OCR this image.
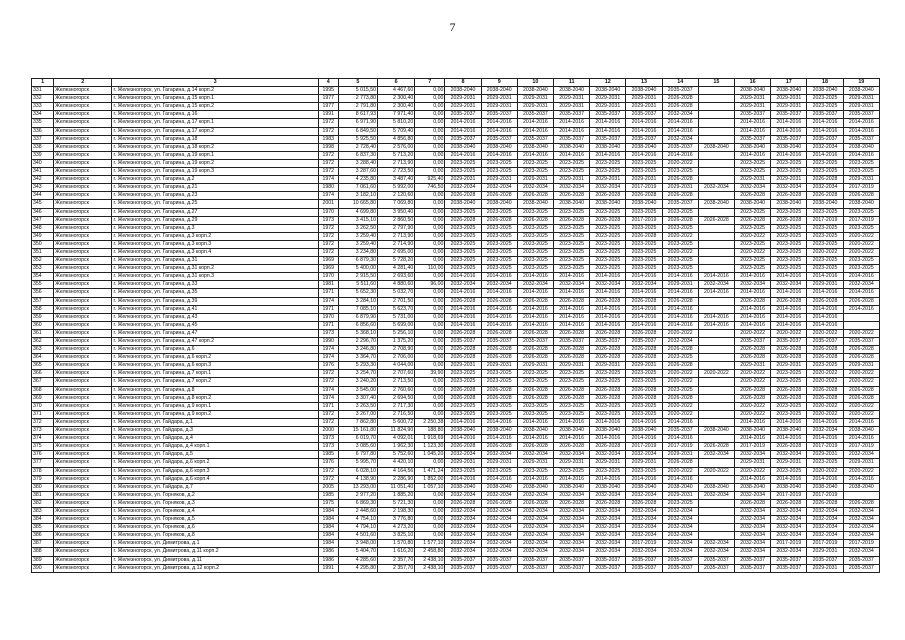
7
1	2	3	4	5	6	7	8	9	10	11	12	13	14	15	16	17	18	19
331	Железногорск	г. Железногорск, ул. Гагарина, д.14 корп.2	1995	5 015,50	4 467,60	0,00	2038-2040	2038-2040	2038-2040	2038-2040	2038-2040	2038-2040	2035-2037		2038-2040	2038-2040	2038-2040	2038-2040
332	Железногорск	г. Железногорск, ул. Гагарина, д.15 корп.1	1977	2 773,80	2 300,40	0,00	2029-2031	2029-2031	2029-2031	2029-2031	2029-2031	2029-2031	2026-2028		2029-2031	2029-2031	2023-2025	2029-2031
333	Железногорск	г. Железногорск, ул. Гагарина, д.15 корп.2	1977	2 791,80	2 300,40	0,00	2029-2031	2029-2031	2029-2031	2029-2031	2029-2031	2029-2031	2026-2028		2029-2031	2029-2031	2023-2025	2029-2031
334	Железногорск	г. Железногорск, ул. Гагарина, д.16	1991	8 617,93	7 971,40	0,00	2035-2037	2035-2037	2035-2037	2035-2037	2035-2037	2035-2037	2032-2034		2035-2037	2035-2037	2035-2037	2035-2037
335	Железногорск	г. Железногорск, ул. Гагарина, д.17 корп.1	1972	6 971,90	5 810,20	0,00	2014-2016	2014-2016	2014-2016	2014-2016	2014-2016	2014-2016	2014-2016		2014-2016	2014-2016	2014-2016	2014-2016
336	Железногорск	г. Железногорск, ул. Гагарина, д.17 корп.2	1972	6 849,50	5 709,40	0,00	2014-2016	2014-2016	2014-2016	2014-2016	2014-2016	2014-2016	2014-2016		2014-2016	2014-2016	2014-2016	2014-2016
337	Железногорск	г. Железногорск, ул. Гагарина, д.18	1983	5 925,50	4 856,80	0,00	2035-2037	2035-2037	2035-2037	2035-2037	2035-2037	2035-2037	2032-2034		2035-2037	2035-2037	2035-2037	2035-2037
338	Железногорск	г. Железногорск, ул. Гагарина, д.18 корп.2	1998	2 728,40	2 576,00	0,00	2038-2040	2038-2040	2038-2040	2038-2040	2038-2040	2038-2040	2035-2037	2038-2040	2038-2040	2038-2040	2032-2034	2038-2040
339	Железногорск	г. Железногорск, ул. Гагарина, д.19 корп.1	1972	6 837,30	5 713,20	0,00	2014-2016	2014-2016	2014-2016	2014-2016	2014-2016	2014-2016	2014-2016		2014-2016	2014-2016	2014-2016	2014-2016
340	Железногорск	г. Железногорск, ул. Гагарина, д.19 корп.2	1972	3 288,40	2 713,90	0,00	2023-2025	2023-2025	2023-2025	2023-2025	2023-2025	2023-2025	2020-2022		2023-2025	2023-2025	2023-2025	2023-2025
341	Железногорск	г. Железногорск, ул. Гагарина, д.19 корп.3	1972	3 287,60	2 723,50	0,00	2023-2025	2023-2025	2023-2025	2023-2025	2023-2025	2023-2025	2023-2025		2023-2025	2023-2025	2023-2025	2023-2025
342	Железногорск	г. Железногорск, ул. Гагарина, д.2	1974	4 235,80	3 487,40	925,40	2029-2031	2029-2031	2029-2031	2029-2031	2029-2031	2029-2031	2026-2028		2029-2031	2029-2031	2026-2028	2029-2031
343	Железногорск	г. Железногорск, ул. Гагарина, д.21	1980	7 061,60	5 992,00	746,50	2032-2034	2032-2034	2032-2034	2032-2034	2032-2034	2017-2019	2029-2031	2032-2034	2032-2034	2032-2034	2032-2034	2017-2019
344	Железногорск	г. Железногорск, ул. Гагарина, д.23	1974	3 182,10	2 120,60	0,00	2026-2028	2026-2028	2026-2028	2026-2028	2026-2028	2026-2028	2026-2028		2026-2028	2026-2028	2026-2028	2026-2028
345	Железногорск	г. Железногорск, ул. Гагарина, д.25	2001	10 665,80	7 069,80	0,00	2038-2040	2038-2040	2038-2040	2038-2040	2038-2040	2038-2040	2035-2037	2038-2040	2038-2040	2038-2040	2038-2040	2038-2040
346	Железногорск	г. Железногорск, ул. Гагарина, д.27	1970	4 699,80	3 950,40	0,00	2023-2025	2023-2025	2023-2025	2023-2025	2023-2025	2023-2025	2023-2025		2023-2025	2023-2025	2023-2025	2023-2025
347	Железногорск	г. Железногорск, ул. Гагарина, д.29	1973	3 415,10	2 860,50	0,00	2026-2028	2026-2028	2026-2028	2026-2028	2026-2028	2017-2019	2026-2028	2026-2028	2026-2028	2026-2028	2017-2019	2017-2019
348	Железногорск	г. Железногорск, ул. Гагарина, д.3	1972	3 262,50	2 797,90	0,00	2023-2025	2023-2025	2023-2025	2023-2025	2023-2025	2023-2025	2023-2025		2023-2025	2023-2025	2023-2025	2023-2025
349	Железногорск	г. Железногорск, ул. Гагарина, д.3 корп.2	1972	3 259,40	2 713,90	0,00	2023-2025	2023-2025	2023-2025	2023-2025	2023-2025	2026-2028	2020-2022		2020-2022	2023-2025	2023-2025	2020-2022
350	Железногорск	г. Железногорск, ул. Гагарина, д.3 корп.3	1972	3 259,40	2 714,90	0,00	2023-2025	2023-2025	2023-2025	2023-2025	2023-2025	2023-2025	2023-2025		2023-2025	2023-2025	2023-2025	2020-2022
351	Железногорск	г. Железногорск, ул. Гагарина, д.3 корп.4	1972	3 234,80	2 695,00	0,00	2023-2025	2023-2025	2023-2025	2023-2025	2023-2025	2023-2025	2020-2022		2020-2022	2023-2025	2020-2022	2020-2022
352	Железногорск	г. Железногорск, ул. Гагарина, д.31	1969	6 879,30	5 728,20	0,00	2023-2025	2023-2025	2023-2025	2023-2025	2023-2025	2023-2025	2023-2025		2023-2025	2023-2025	2023-2025	2023-2025
353	Железногорск	г. Железногорск, ул. Гагарина, д.31 корп.2	1969	5 400,00	4 281,40	110,00	2023-2025	2023-2025	2023-2025	2023-2025	2023-2025	2023-2025	2023-2025		2023-2025	2023-2025	2023-2025	2023-2025
354	Железногорск	г. Железногорск, ул. Гагарина, д.31 корп.3	1970	2 915,50	2 693,60	0,00	2014-2016	2014-2016	2014-2016	2014-2016	2014-2016	2014-2016	2014-2016	2014-2016	2014-2016	2014-2016	2014-2016	2014-2016
355	Железногорск	г. Железногорск, ул. Гагарина, д.33	1981	5 511,60	4 880,60	96,00	2032-2034	2032-2034	2032-2034	2032-2034	2032-2034	2032-2034	2029-2031	2032-2034	2032-2034	2032-2034	2029-2031	2032-2034
356	Железногорск	г. Железногорск, ул. Гагарина, д.35	1971	5 652,30	5 032,70	0,00	2014-2016	2014-2016	2014-2016	2014-2016	2014-2016	2014-2016	2014-2016	2014-2016	2014-2016	2014-2016	2014-2016	2014-2016
357	Железногорск	г. Железногорск, ул. Гагарина, д.39	1974	3 284,10	2 701,50	0,00	2026-2028	2026-2028	2026-2028	2026-2028	2026-2028	2026-2028	2026-2028		2026-2028	2026-2028	2026-2028	2026-2028
358	Железногорск	г. Железногорск, ул. Гагарина, д.41	1971	7 085,10	5 623,70	0,00	2014-2016	2014-2016	2014-2016	2014-2016	2014-2016	2014-2016	2014-2016		2014-2016	2014-2016	2014-2016	2014-2016
359	Железногорск	г. Железногорск, ул. Гагарина, д.43	1970	6 879,90	5 731,00	0,00	2014-2016	2014-2016	2014-2016	2014-2016	2014-2016	2014-2016	2014-2016	2014-2016	2014-2016	2014-2016	2014-2016	
360	Железногорск	г. Железногорск, ул. Гагарина, д.45	1971	6 856,60	5 699,00	0,00	2014-2016	2014-2016	2014-2016	2014-2016	2014-2016	2014-2016	2014-2016	2014-2016	2014-2016	2014-2016	2014-2016	
361	Железногорск	г. Железногорск, ул. Гагарина, д.47	1973	5 368,10	5 256,10	0,00	2026-2028	2026-2028	2026-2028	2026-2028	2026-2028	2026-2028	2020-2022		2020-2022	2020-2022	2020-2022	2020-2022
362	Железногорск	г. Железногорск, ул. Гагарина, д.47 корп.2	1990	2 296,70	1 375,20	0,00	2035-2037	2035-2037	2035-2037	2035-2037	2035-2037	2035-2037	2032-2034		2035-2037	2035-2037	2035-2037	2035-2037
363	Железногорск	г. Железногорск, ул. Гагарина, д.6	1974	3 246,80	2 708,90	0,00	2026-2028	2026-2028	2026-2028	2026-2028	2026-2028	2026-2028	2026-2028		2026-2028	2026-2028	2026-2028	2026-2028
364	Железногорск	г. Железногорск, ул. Гагарина, д.6 корп.2	1974	3 364,70	2 706,00	0,00	2026-2028	2026-2028	2026-2028	2026-2028	2026-2028	2026-2028	2023-2025		2026-2028	2026-2028	2026-2028	2026-2028
365	Железногорск	г. Железногорск, ул. Гагарина, д.6 корп.3	1976	5 293,30	4 044,00	0,00	2029-2031	2029-2031	2029-2031	2029-2031	2029-2031	2029-2031	2026-2028		2029-2031	2029-2031	2023-2025	2029-2031
366	Железногорск	г. Железногорск, ул. Гагарина, д.7 корп.1	1972	3 254,70	2 707,60	39,90	2023-2025	2023-2025	2023-2025	2023-2025	2023-2025	2023-2025	2020-2022	2020-2022	2020-2022	2023-2025	2020-2022	2020-2022
367	Железногорск	г. Железногорск, ул. Гагарина, д.7 корп.2	1972	3 240,20	2 713,50	0,00	2023-2025	2023-2025	2023-2025	2023-2025	2023-2025	2023-2025	2020-2022		2020-2022	2023-2025	2020-2022	2020-2022
368	Железногорск	г. Железногорск, ул. Гагарина, д.8	1974	3 545,00	2 760,60	0,00	2026-2028	2026-2028	2026-2028	2026-2028	2026-2028	2026-2028	2023-2025		2026-2028	2026-2028	2026-2028	2026-2028
369	Железногорск	г. Железногорск, ул. Гагарина, д.8 корп.2	1974	3 307,40	2 694,50	0,00	2026-2028	2026-2028	2026-2028	2026-2028	2026-2028	2026-2028	2026-2028		2026-2028	2026-2028	2026-2028	2026-2028
370	Железногорск	г. Железногорск, ул. Гагарина, д.9 корп.1	1971	3 263,50	2 717,30	0,00	2023-2025	2023-2025	2023-2025	2023-2025	2023-2025	2023-2025	2020-2022		2020-2022	2023-2025	2020-2022	2020-2022
371	Железногорск	г. Железногорск, ул. Гагарина, д.9 корп.2	1972	3 267,00	2 716,50	0,00	2023-2025	2023-2025	2023-2025	2023-2025	2023-2025	2023-2025	2020-2022		2020-2022	2023-2025	2020-2022	2020-2022
372	Железногорск	г. Железногорск, ул. Гайдара, д.1	1972	7 862,80	5 600,72	2 250,38	2014-2016	2014-2016	2014-2016	2014-2016	2014-2016	2014-2016	2014-2016		2014-2016	2014-2016	2014-2016	2014-2016
373	Железногорск	г. Железногорск, ул. Гайдара, д.3	2000	15 161,80	11 824,90	188,80	2038-2040	2038-2040	2038-2040	2038-2040	2038-2040	2038-2040	2035-2037	2038-2040	2038-2040	2038-2040	2032-2034	2038-2040
374	Железногорск	г. Железногорск, ул. Гайдара, д.4	1973	6 019,70	4 092,01	1 918,69	2014-2016	2014-2016	2014-2016	2014-2016	2014-2016	2014-2016	2014-2016		2014-2016	2014-2016	2014-2016	2014-2016
375	Железногорск	г. Железногорск, ул. Гайдара, д.4 корп.1	1973	3 085,60	1 962,30	1 123,30	2026-2028	2026-2028	2026-2028	2026-2028	2026-2028	2017-2019	2017-2019	2026-2028	2017-2019	2026-2028	2017-2019	2017-2019
376	Железногорск	г. Железногорск, ул. Гайдара, д.5	1985	6 797,80	5 752,60	1 045,20	2032-2034	2032-2034	2032-2034	2032-2034	2032-2034	2032-2034	2029-2031	2032-2034	2032-2034	2032-2034	2029-2031	2032-2034
377	Железногорск	г. Железногорск, ул. Гайдара, д.6 корп.2	1976	5 995,70	4 420,10	0,00	2029-2031	2029-2031	2029-2031	2029-2031	2029-2031	2029-2031	2026-2028		2029-2031	2029-2031	2023-2025	2029-2031
378	Железногорск	г. Железногорск, ул. Гайдара, д.6 корп.3	1972	6 028,10	4 164,56	1 471,24	2023-2025	2023-2025	2023-2025	2023-2025	2023-2025	2023-2025	2020-2022	2020-2022	2020-2022	2023-2025	2020-2022	2020-2022
379	Железногорск	г. Железногорск, ул. Гайдара, д.6 корп.4	1972	4 138,90	2 286,90	1 852,00	2014-2016	2014-2016	2014-2016	2014-2016	2014-2016	2014-2016	2014-2016		2014-2016	2014-2016	2014-2016	2014-2016
380	Железногорск	г. Железногорск, ул. Гайдара, д.7	2005	13 293,00	11 051,40	1 057,10	2038-2040	2038-2040	2038-2040	2038-2040	2038-2040	2038-2040	2038-2040	2038-2040	2038-2040	2038-2040	2038-2040	2038-2040
381	Железногорск	г. Железногорск, ул. Горняков, д.2	1985	2 977,20	1 885,20	0,00	2032-2034	2032-2034	2032-2034	2032-2034	2032-2034	2032-2034	2029-2031	2032-2034	2032-2034	2017-2019	2017-2019	
382	Железногорск	г. Железногорск, ул. Горняков, д.3	1975	6 869,30	5 721,30	0,00	2026-2028	2026-2028	2026-2028	2026-2028	2026-2028	2026-2028	2023-2025		2026-2028	2026-2028	2026-2028	2026-2028
383	Железногорск	г. Железногорск, ул. Горняков, д.4	1984	2 448,60	2 198,30	0,00	2032-2034	2032-2034	2032-2034	2032-2034	2032-2034	2032-2034	2032-2034		2032-2034	2032-2034	2032-2034	2032-2034
384	Железногорск	г. Железногорск, ул. Горняков, д.5	1984	4 754,10	3 776,80	0,00	2032-2034	2032-2034	2032-2034	2032-2034	2032-2034	2032-2034	2032-2034		2032-2034	2032-2034	2032-2034	2032-2034
385	Железногорск	г. Железногорск, ул. Горняков, д.6	1984	4 794,10	4 273,20	0,00	2032-2034	2032-2034	2032-2034	2032-2034	2032-2034	2032-2034	2032-2034		2032-2034	2032-2034	2032-2034	2032-2034
386	Железногорск	г. Железногорск, ул. Горняков, д.8	1984	4 501,60	3 825,10	0,00	2032-2034	2032-2034	2032-2034	2032-2034	2032-2034	2032-2034	2032-2034		2032-2034	2032-2034	2032-2034	2032-2034
387	Железногорск	г. Железногорск, ул. Димитрова, д.1	1984	3 948,00	1 570,80	1 577,10	2032-2034	2032-2034	2032-2034	2032-2034	2032-2034	2017-2019	2032-2034	2032-2034	2032-2034	2017-2019	2017-2019	2017-2019
388	Железногорск	г. Железногорск, ул. Димитрова, д.11 корп.2	1986	5 404,70	1 616,20	2 458,80	2032-2034	2032-2034	2032-2034	2032-2034	2032-2034	2032-2034	2032-2034	2032-2034	2032-2034	2032-2034	2029-2031	2032-2034
389	Железногорск	г. Железногорск, ул. Димитрова, д.11	1986	4 285,60	2 357,70	2 438,10	2035-2037	2035-2037	2035-2037	2035-2037	2035-2037	2035-2037	2035-2037	2035-2037	2035-2037	2035-2037	2035-2037	2035-2037
390	Железногорск	г. Железногорск, ул. Димитрова, д.12 корп.2	1991	4 295,80	2 357,70	2 438,10	2035-2037	2035-2037	2035-2037	2035-2037	2035-2037	2035-2037	2035-2037	2035-2037	2035-2037	2035-2037	2029-2031	2035-2037
